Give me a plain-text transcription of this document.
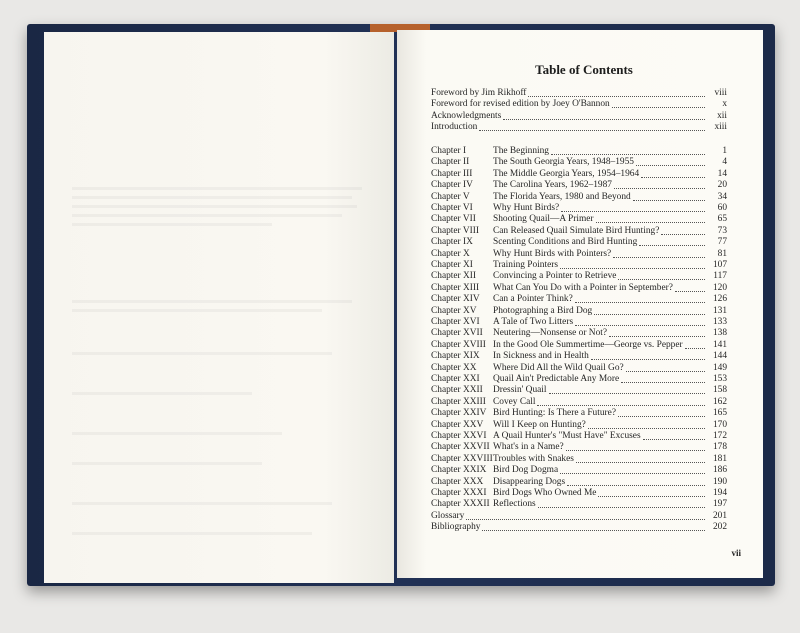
Table of Contents
Foreword by Jim Rikhoff	viii
Foreword for revised edition by Joey O'Bannon	x
Acknowledgments	xii
Introduction	xiii
Chapter I	The Beginning	1
Chapter II	The South Georgia Years, 1948–1955	4
Chapter III The Middle Georgia Years, 1954–1964	14
Chapter IV The Carolina Years, 1962–1987	20
Chapter V The Florida Years, 1980 and Beyond	34
Chapter VI Why Hunt Birds?	60
Chapter VII Shooting Quail—A Primer	65
Chapter VIII Can Released Quail Simulate Bird Hunting?	73
Chapter IX Scenting Conditions and Bird Hunting	77
Chapter X Why Hunt Birds with Pointers?	81
Chapter XI Training Pointers	107
Chapter XII Convincing a Pointer to Retrieve	117
Chapter XIII What Can You Do with a Pointer in September?	120
Chapter XIV Can a Pointer Think?	126
Chapter XV Photographing a Bird Dog	131
Chapter XVI A Tale of Two Litters	133
Chapter XVII Neutering—Nonsense or Not?	138
Chapter XVIII In the Good Ole Summertime—George vs. Pepper	141
Chapter XIX In Sickness and in Health	144
Chapter XX Where Did All the Wild Quail Go?	149
Chapter XXI Quail Ain't Predictable Any More	153
Chapter XXII Dressin' Quail	158
Chapter XXIII Covey Call	162
Chapter XXIV Bird Hunting: Is There a Future?	165
Chapter XXV Will I Keep on Hunting?	170
Chapter XXVI A Quail Hunter's "Must Have" Excuses	172
Chapter XXVII What's in a Name?	178
Chapter XXVIII Troubles with Snakes	181
Chapter XXIX Bird Dog Dogma	186
Chapter XXX Disappearing Dogs	190
Chapter XXXI Bird Dogs Who Owned Me	194
Chapter XXXII Reflections	197
Glossary	201
Bibliography	202
vii
